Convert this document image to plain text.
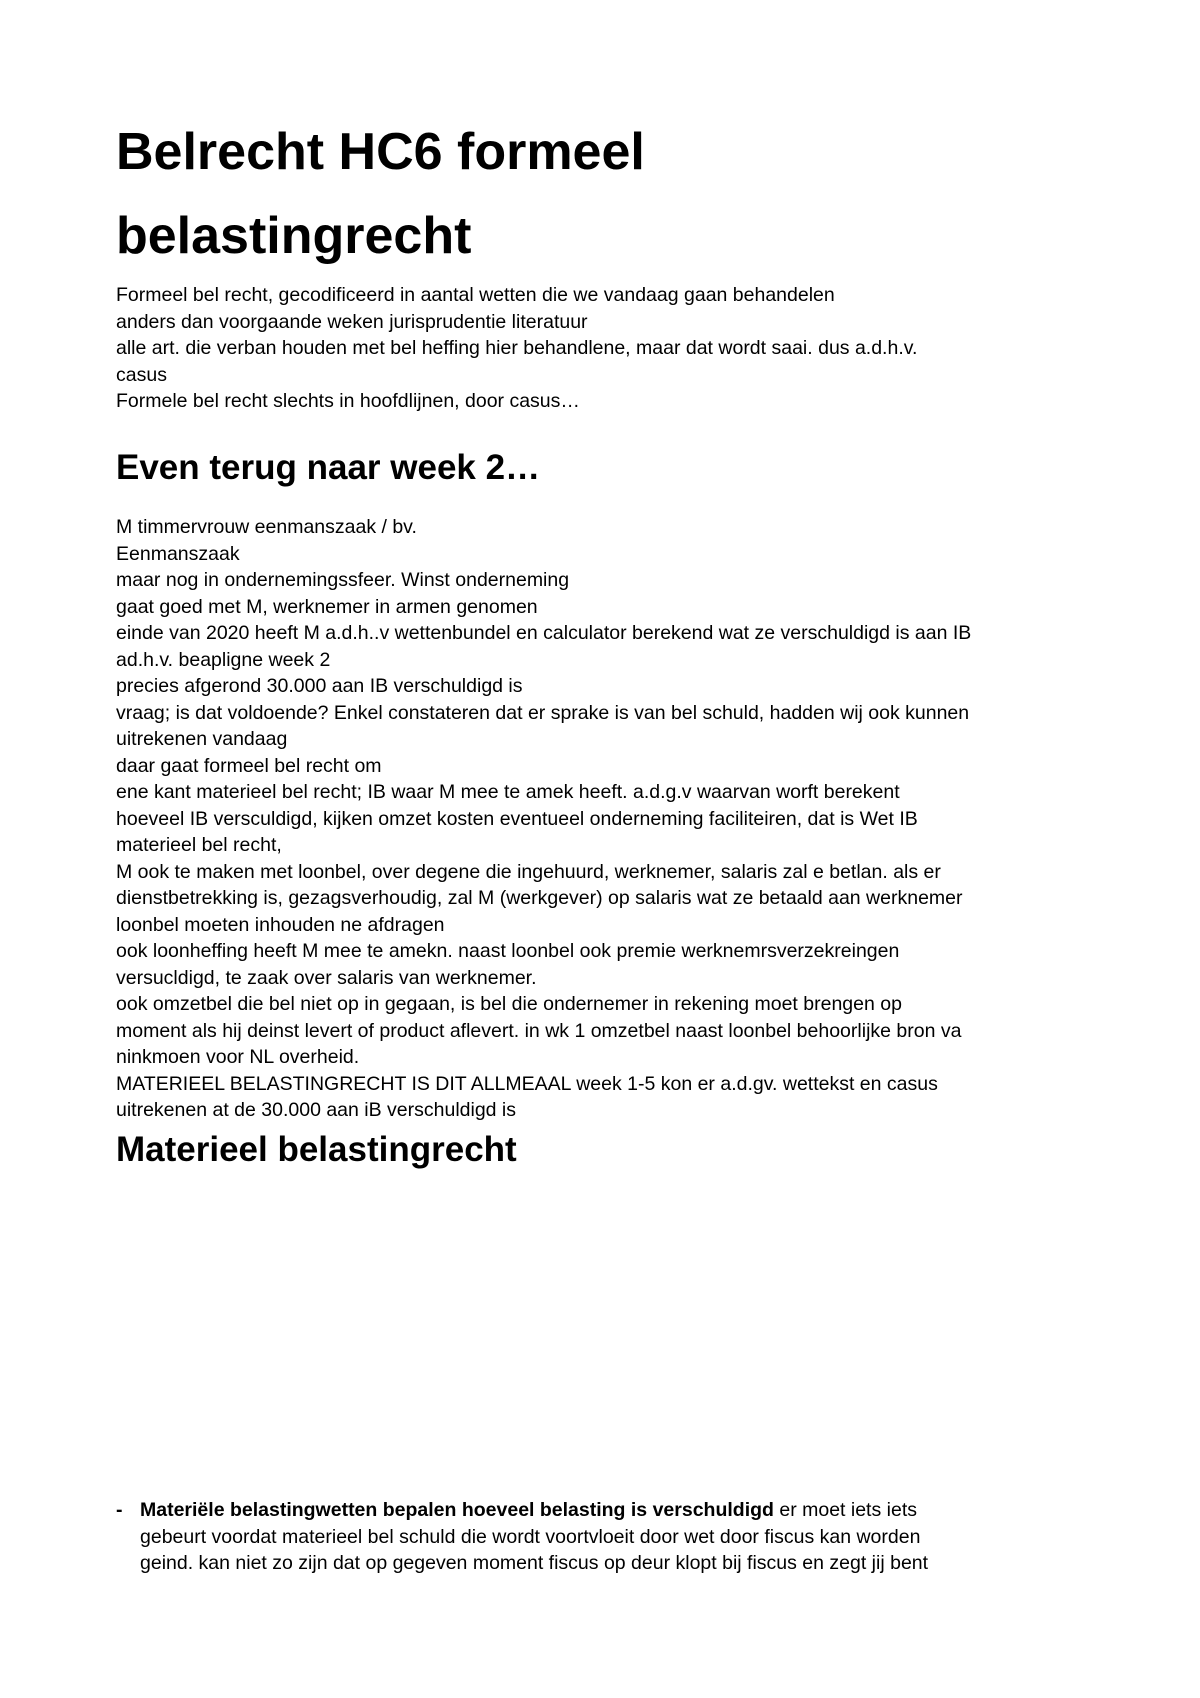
Belrecht HC6 formeel
belastingrecht
Formeel bel recht, gecodificeerd in aantal wetten die we vandaag gaan behandelen
anders dan voorgaande weken jurisprudentie literatuur
alle art. die verban houden met bel heffing hier behandlene, maar dat wordt saai. dus a.d.h.v.
casus
Formele bel recht slechts in hoofdlijnen, door casus…
Even terug naar week 2…
M timmervrouw eenmanszaak / bv.
Eenmanszaak
maar nog in ondernemingssfeer. Winst onderneming
gaat goed met M, werknemer in armen genomen
einde van 2020 heeft M a.d.h..v wettenbundel en calculator berekend wat ze verschuldigd is aan IB
ad.h.v. beapligne week 2
precies afgerond 30.000 aan IB verschuldigd is
vraag; is dat voldoende? Enkel constateren dat er sprake is van bel schuld, hadden wij ook kunnen
uitrekenen vandaag
daar gaat formeel bel recht om
ene kant materieel bel recht; IB waar M mee te amek heeft. a.d.g.v waarvan worft berekent
hoeveel IB versculdigd, kijken omzet kosten eventueel onderneming faciliteiren, dat is Wet IB
materieel bel recht,
M ook te maken met loonbel, over degene die ingehuurd, werknemer, salaris zal e betlan. als er
dienstbetrekking is, gezagsverhoudig, zal M (werkgever) op salaris wat ze betaald aan werknemer
loonbel moeten inhouden ne afdragen
ook loonheffing heeft M mee te amekn. naast loonbel ook premie werknemrsverzekreingen
versucldigd, te zaak over salaris van werknemer.
ook omzetbel die bel niet op in gegaan, is bel die ondernemer in rekening moet brengen op
moment als hij deinst levert of product aflevert. in wk 1 omzetbel naast loonbel behoorlijke bron va
ninkmoen voor NL overheid.
MATERIEEL BELASTINGRECHT IS DIT ALLMEAAL week 1-5 kon er a.d.gv. wettekst en casus
uitrekenen at de 30.000 aan iB verschuldigd is
Materieel belastingrecht
- Materiële belastingwetten bepalen hoeveel belasting is verschuldigd er moet iets iets
gebeurt voordat materieel bel schuld die wordt voortvloeit door wet door fiscus kan worden
geind. kan niet zo zijn dat op gegeven moment fiscus op deur klopt bij fiscus en zegt jij bent
